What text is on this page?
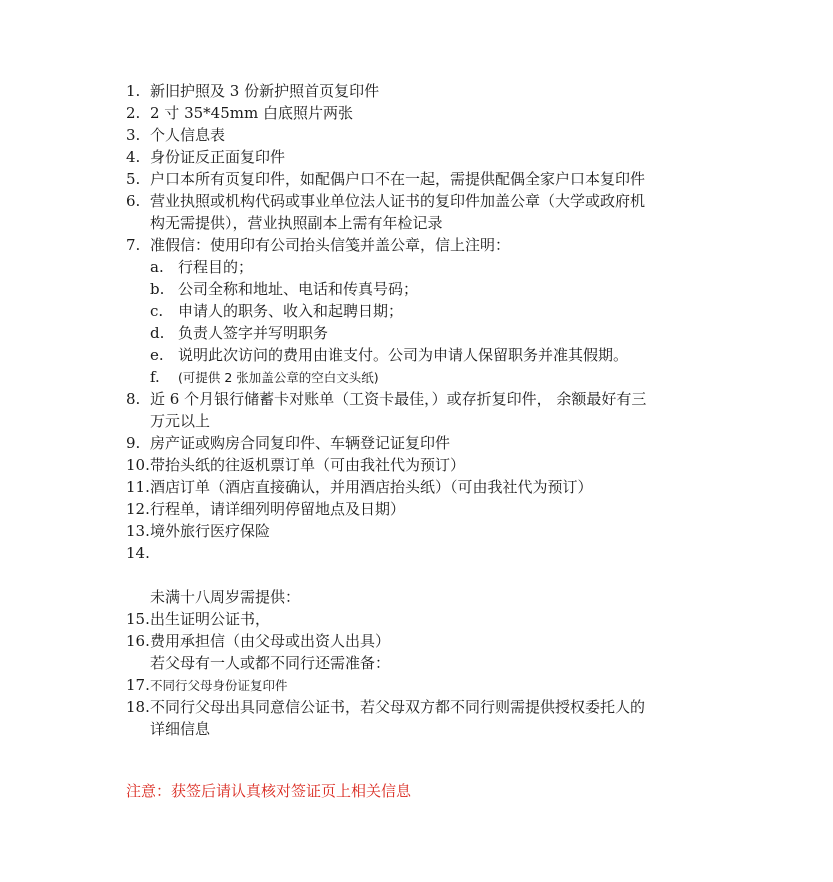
1. 新旧护照及 3 份新护照首页复印件
2. 2 寸 35*45mm 白底照片两张
3. 个人信息表
4. 身份证反正面复印件
5. 户口本所有页复印件，如配偶户口不在一起，需提供配偶全家户口本复印件
6. 营业执照或机构代码或事业单位法人证书的复印件加盖公章（大学或政府机
构无需提供），营业执照副本上需有年检记录
7. 准假信：使用印有公司抬头信笺并盖公章，信上注明：
a. 行程目的；
b. 公司全称和地址、电话和传真号码；
c. 申请人的职务、收入和起聘日期；
d. 负责人签字并写明职务
e. 说明此次访问的费用由谁支付。公司为申请人保留职务并准其假期。
f.	(可提供 2 张加盖公章的空白文头纸)
8. 近 6 个月银行储蓄卡对账单（工资卡最佳，）或存折复印件， 余额最好有三
万元以上
9. 房产证或购房合同复印件、车辆登记证复印件
10. 带抬头纸的往返机票订单（可由我社代为预订）
11. 酒店订单（酒店直接确认，并用酒店抬头纸）（可由我社代为预订）
12. 行程单，请详细列明停留地点及日期）
13. 境外旅行医疗保险
14.
未满十八周岁需提供：
15. 出生证明公证书，
16. 费用承担信（由父母或出资人出具）
若父母有一人或都不同行还需准备：
17. 不同行父母身份证复印件
18. 不同行父母出具同意信公证书，若父母双方都不同行则需提供授权委托人的
详细信息
注意：获签后请认真核对签证页上相关信息
